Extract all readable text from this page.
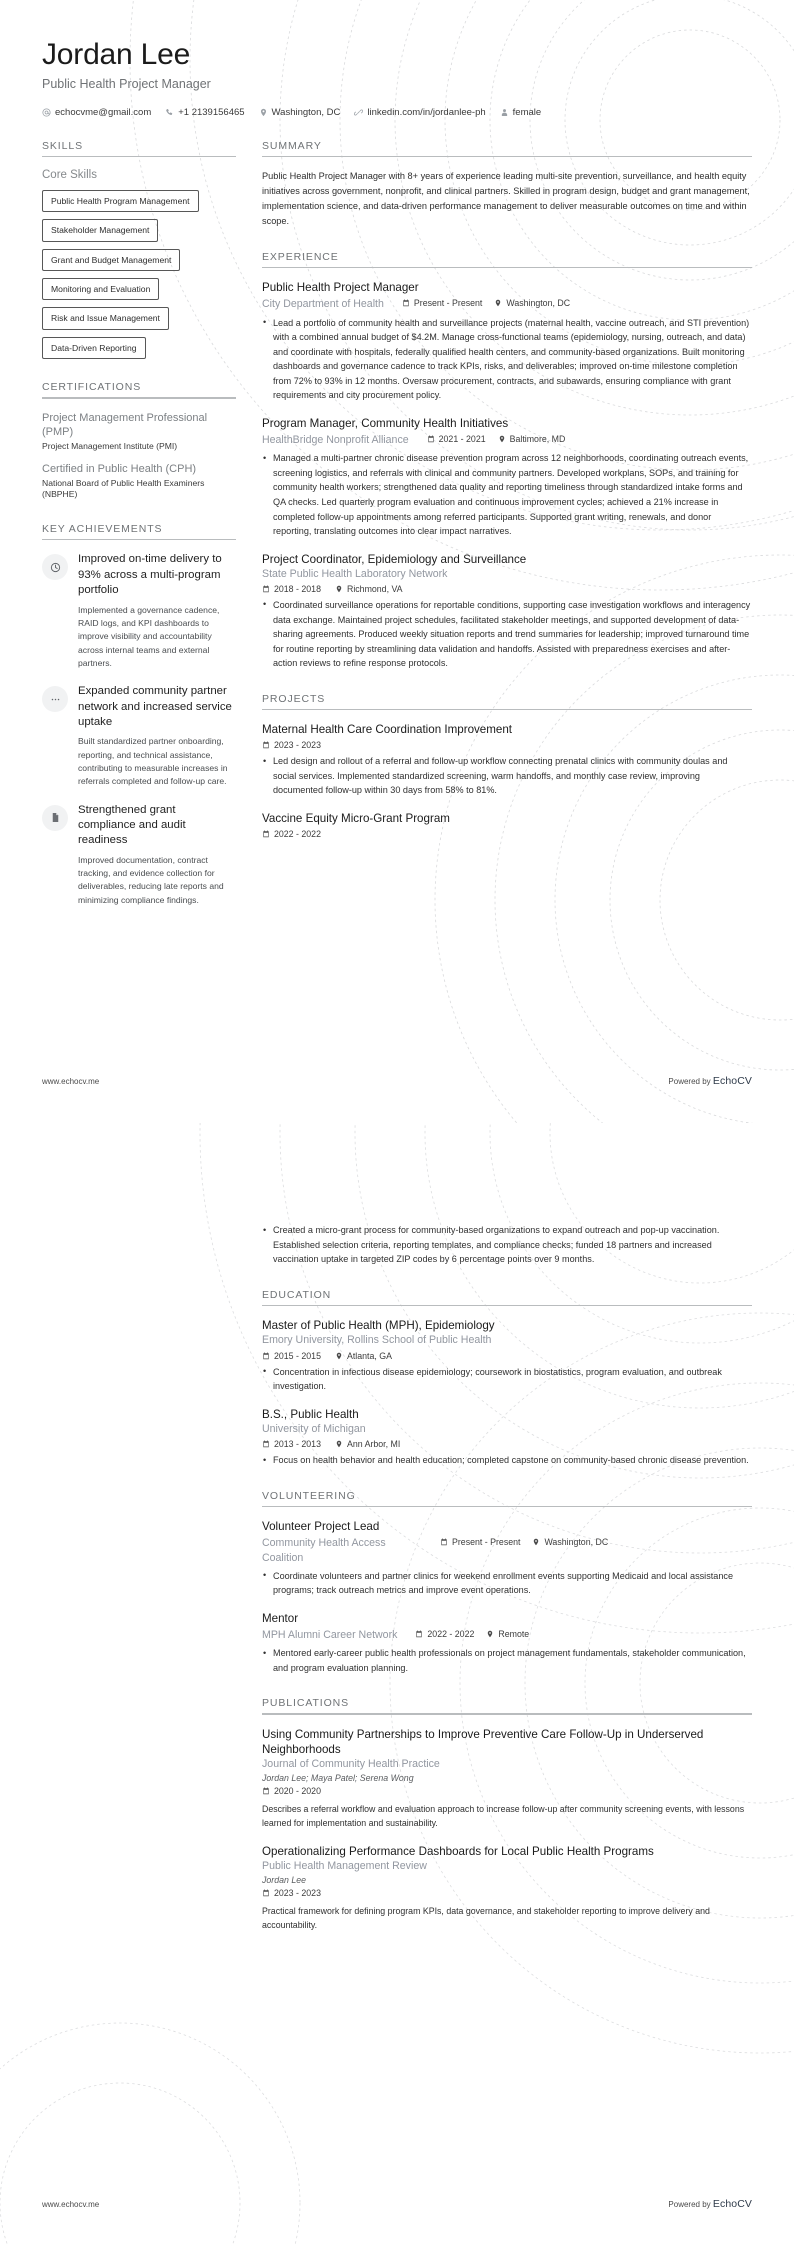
Jordan Lee
Public Health Project Manager
echocvme@gmail.com	+1 2139156465	Washington, DC	linkedin.com/in/jordanlee-ph	female
SKILLS
Core Skills
Public Health Program Management
Stakeholder Management
Grant and Budget Management
Monitoring and Evaluation
Risk and Issue Management
Data-Driven Reporting
CERTIFICATIONS
Project Management Professional (PMP)
Project Management Institute (PMI)
Certified in Public Health (CPH)
National Board of Public Health Examiners (NBPHE)
KEY ACHIEVEMENTS
Improved on-time delivery to 93% across a multi-program portfolio
Implemented a governance cadence, RAID logs, and KPI dashboards to improve visibility and accountability across internal teams and external partners.
Expanded community partner network and increased service uptake
Built standardized partner onboarding, reporting, and technical assistance, contributing to measurable increases in referrals completed and follow-up care.
Strengthened grant compliance and audit readiness
Improved documentation, contract tracking, and evidence collection for deliverables, reducing late reports and minimizing compliance findings.
SUMMARY
Public Health Project Manager with 8+ years of experience leading multi-site prevention, surveillance, and health equity initiatives across government, nonprofit, and clinical partners. Skilled in program design, budget and grant management, implementation science, and data-driven performance management to deliver measurable outcomes on time and within scope.
EXPERIENCE
Public Health Project Manager
City Department of Health	Present - Present	Washington, DC
• Lead a portfolio of community health and surveillance projects (maternal health, vaccine outreach, and STI prevention) with a combined annual budget of $4.2M. Manage cross-functional teams (epidemiology, nursing, outreach, and data) and coordinate with hospitals, federally qualified health centers, and community-based organizations. Built monitoring dashboards and governance cadence to track KPIs, risks, and deliverables; improved on-time milestone completion from 72% to 93% in 12 months. Oversaw procurement, contracts, and subawards, ensuring compliance with grant requirements and city procurement policy.
Program Manager, Community Health Initiatives
HealthBridge Nonprofit Alliance	2021 - 2021	Baltimore, MD
• Managed a multi-partner chronic disease prevention program across 12 neighborhoods, coordinating outreach events, screening logistics, and referrals with clinical and community partners. Developed workplans, SOPs, and training for community health workers; strengthened data quality and reporting timeliness through standardized intake forms and QA checks. Led quarterly program evaluation and continuous improvement cycles; achieved a 21% increase in completed follow-up appointments among referred participants. Supported grant writing, renewals, and donor reporting, translating outcomes into clear impact narratives.
Project Coordinator, Epidemiology and Surveillance
State Public Health Laboratory Network
2018 - 2018	Richmond, VA
• Coordinated surveillance operations for reportable conditions, supporting case investigation workflows and interagency data exchange. Maintained project schedules, facilitated stakeholder meetings, and supported development of data-sharing agreements. Produced weekly situation reports and trend summaries for leadership; improved turnaround time for routine reporting by streamlining data validation and handoffs. Assisted with preparedness exercises and after-action reviews to refine response protocols.
PROJECTS
Maternal Health Care Coordination Improvement
2023 - 2023
• Led design and rollout of a referral and follow-up workflow connecting prenatal clinics with community doulas and social services. Implemented standardized screening, warm handoffs, and monthly case review, improving documented follow-up within 30 days from 58% to 81%.
Vaccine Equity Micro-Grant Program
2022 - 2022
www.echocv.me	Powered by EchoCV
• Created a micro-grant process for community-based organizations to expand outreach and pop-up vaccination. Established selection criteria, reporting templates, and compliance checks; funded 18 partners and increased vaccination uptake in targeted ZIP codes by 6 percentage points over 9 months.
EDUCATION
Master of Public Health (MPH), Epidemiology
Emory University, Rollins School of Public Health
2015 - 2015	Atlanta, GA
• Concentration in infectious disease epidemiology; coursework in biostatistics, program evaluation, and outbreak investigation.
B.S., Public Health
University of Michigan
2013 - 2013	Ann Arbor, MI
• Focus on health behavior and health education; completed capstone on community-based chronic disease prevention.
VOLUNTEERING
Volunteer Project Lead
Community Health Access Coalition
Present - Present	Washington, DC
• Coordinate volunteers and partner clinics for weekend enrollment events supporting Medicaid and local assistance programs; track outreach metrics and improve event operations.
Mentor
MPH Alumni Career Network	2022 - 2022	Remote
• Mentored early-career public health professionals on project management fundamentals, stakeholder communication, and program evaluation planning.
PUBLICATIONS
Using Community Partnerships to Improve Preventive Care Follow-Up in Underserved Neighborhoods
Journal of Community Health Practice
Jordan Lee; Maya Patel; Serena Wong
2020 - 2020
Describes a referral workflow and evaluation approach to increase follow-up after community screening events, with lessons learned for implementation and sustainability.
Operationalizing Performance Dashboards for Local Public Health Programs
Public Health Management Review
Jordan Lee
2023 - 2023
Practical framework for defining program KPIs, data governance, and stakeholder reporting to improve delivery and accountability.
www.echocv.me	Powered by EchoCV
